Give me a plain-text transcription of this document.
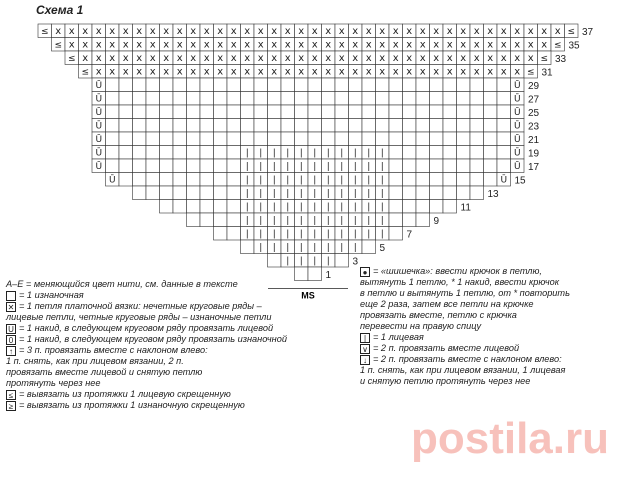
Схема 1
≤ x x x x x x x x x x x x x x x x x x x x x x x x x x x x x x x x x x x x x x ≤ 37
≤ x x x x x x x x x x x x x x x x x x x x x x x x x x x x x x x x x x x x ≤ 35
≤ x x x x x x x x x x x x x x x x x x x x x x x x x x x x x x x x x x ≤ 33
≤ x x x x x x x x x x x x x x x x x x x x x x x x x x x x x x x x ≤ 31
Ū	Ū 29
Ū	Ū 27
Ū	Ū 25
Ū	Ū 23
Ū	Ū 21
Ū	| | | | | | | | | | |	Ū 19
Ū	| | | | | | | | | | |	Ū 17
Ū	| | | | | | | | | | |	Ū 15
| | | | | | | | | | |	13
| | | | | | | | | | |	11
| | | | | | | | | | |	9
| | | | | | | | | | | 7
| | | | | | | | 5
| | | | 3
1
MS
A–E = меняющийся цвет нити, см. данные в тексте
= 1 изнаночная
✕ = 1 петля платочной вязки: нечетные круговые ряды –
лицевые петли, четные круговые ряды – изнаночные петли
U = 1 накид, в следующем круговом ряду провязать лицевой
0 = 1 накид, в следующем круговом ряду провязать изнаночной
↑ = 3 п. провязать вместе с наклоном влево:
1 п. снять, как при лицевом вязании, 2 п.
провязать вместе лицевой и снятую петлю
протянуть через нее
≤ = вывязать из протяжки 1 лицевую скрещенную
≥ = вывязать из протяжки 1 изнаночную скрещенную
● = «шишечка»: ввести крючок в петлю,
вытянуть 1 петлю, * 1 накид, ввести крючок
в петлю и вытянуть 1 петлю, от * повторить
еще 2 раза, затем все петли на крючке
провязать вместе, петлю с крючка
перевести на правую спицу
| = 1 лицевая
∨ = 2 п. провязать вместе лицевой
↓ = 2 п. провязать вместе с наклоном влево:
1 п. снять, как при лицевом вязании, 1 лицевая
и снятую петлю протянуть через нее
postila.ru
